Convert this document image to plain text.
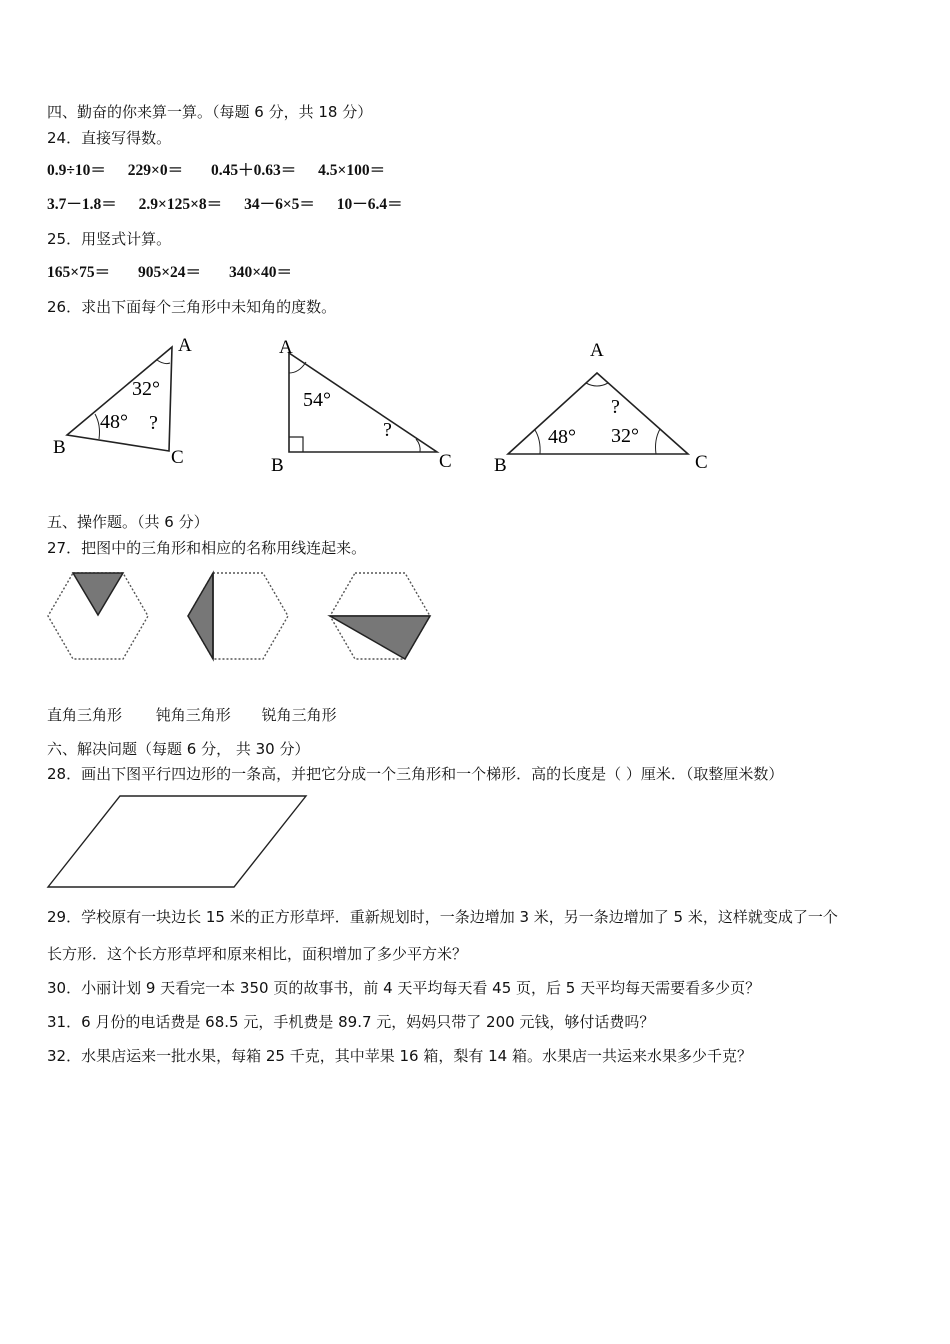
四、勤奋的你来算一算。（每题 6 分，共 18 分）
24．直接写得数。
0.9÷10＝ 229×0＝ 0.45＋0.63＝ 4.5×100＝
3.7－1.8＝ 2.9×125×8＝ 34－6×5＝ 10－6.4＝
25．用竖式计算。
165×75＝ 905×24＝ 340×40＝
26．求出下面每个三角形中未知角的度数。
A
B	C
32°
48° ?
A
B	C
54°
?
A
B	C
48°
?
32°
五、操作题。（共 6 分）
27．把图中的三角形和相应的名称用线连起来。
直角三角形 钝角三角形 锐角三角形
六、解决问题（每题 6 分， 共 30 分）
28．画出下图平行四边形的一条高，并把它分成一个三角形和一个梯形．高的长度是（ ）厘米．（取整厘米数）
29．学校原有一块边长 15 米的正方形草坪．重新规划时，一条边增加 3 米，另一条边增加了 5 米，这样就变成了一个
长方形．这个长方形草坪和原来相比，面积增加了多少平方米？
30．小丽计划 9 天看完一本 350 页的故事书，前 4 天平均每天看 45 页，后 5 天平均每天需要看多少页？
31．6 月份的电话费是 68.5 元，手机费是 89.7 元，妈妈只带了 200 元钱，够付话费吗？
32．水果店运来一批水果，每箱 25 千克，其中苹果 16 箱，梨有 14 箱。水果店一共运来水果多少千克？
